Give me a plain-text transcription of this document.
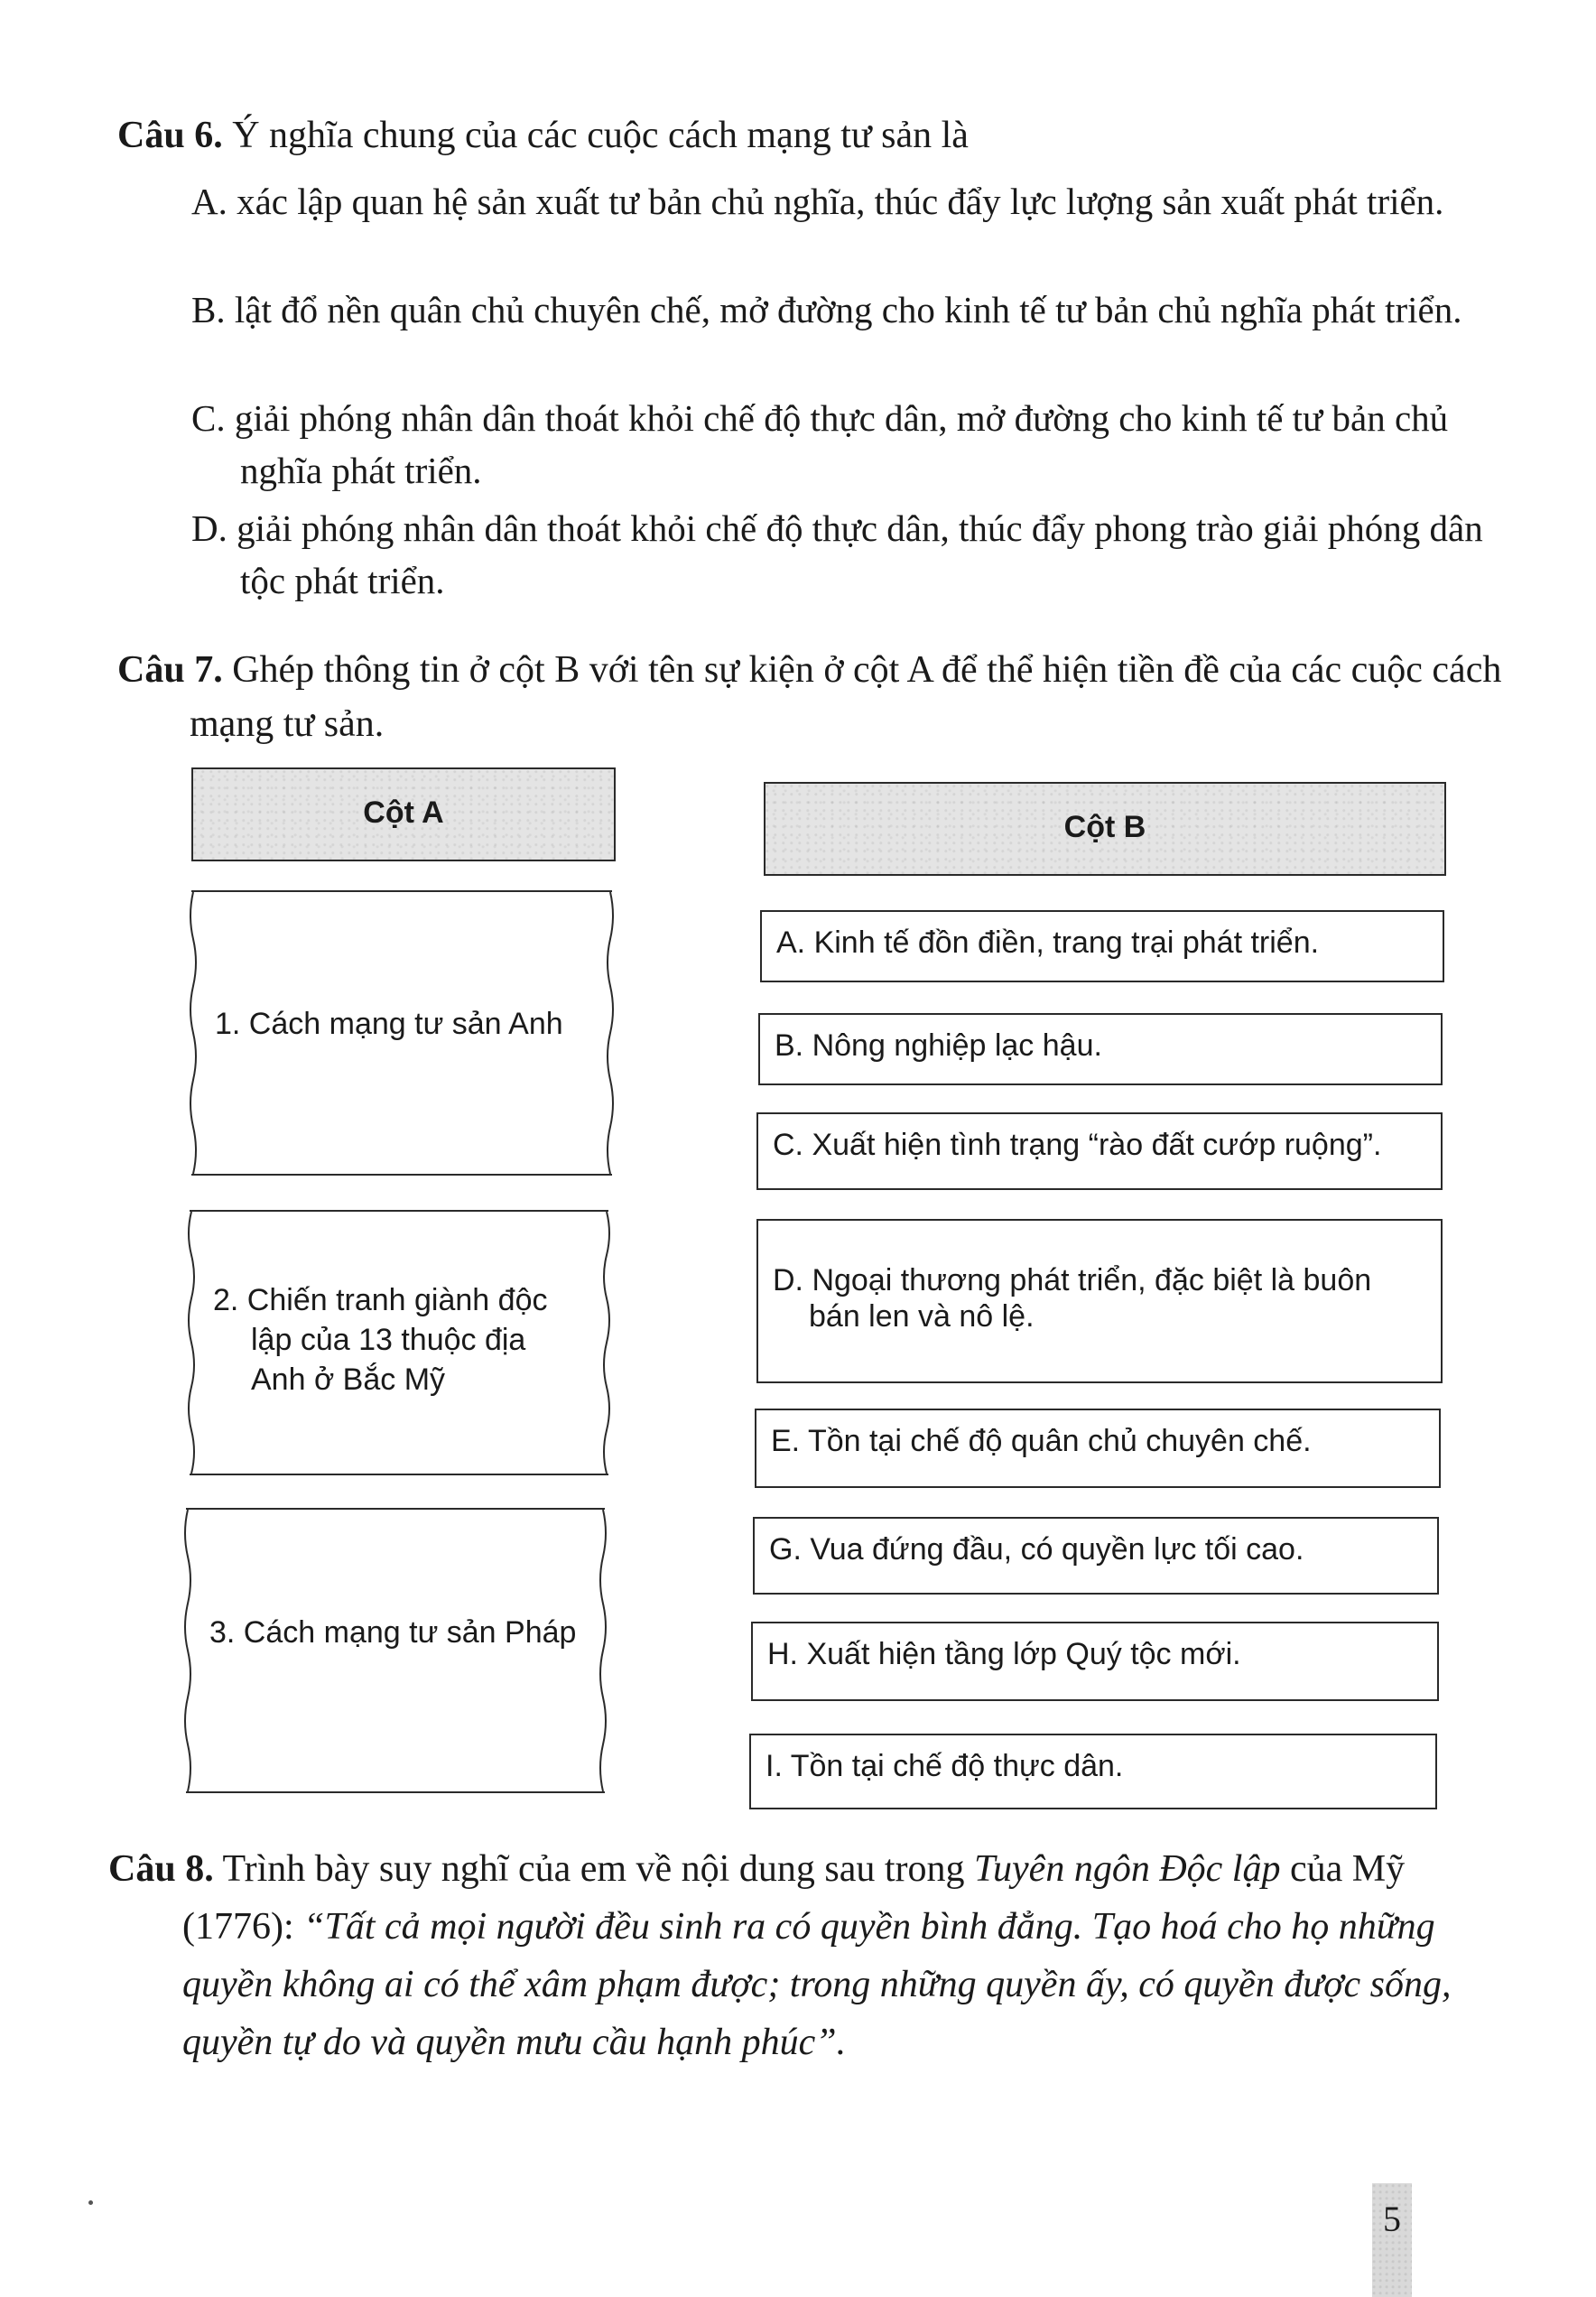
Câu 6. Ý nghĩa chung của các cuộc cách mạng tư sản là
A. xác lập quan hệ sản xuất tư bản chủ nghĩa, thúc đẩy lực lượng sản xuất phát triển.
B. lật đổ nền quân chủ chuyên chế, mở đường cho kinh tế tư bản chủ nghĩa phát triển.
C. giải phóng nhân dân thoát khỏi chế độ thực dân, mở đường cho kinh tế tư bản chủ nghĩa phát triển.
D. giải phóng nhân dân thoát khỏi chế độ thực dân, thúc đẩy phong trào giải phóng dân tộc phát triển.
Câu 7. Ghép thông tin ở cột B với tên sự kiện ở cột A để thể hiện tiền đề của các cuộc cách mạng tư sản.
Cột A	Cột B
1. Cách mạng tư sản Anh
2. Chiến tranh giành độc lập của 13 thuộc địa Anh ở Bắc Mỹ
3. Cách mạng tư sản Pháp
A. Kinh tế đồn điền, trang trại phát triển.
B. Nông nghiệp lạc hậu.
C. Xuất hiện tình trạng “rào đất cướp ruộng”.
D. Ngoại thương phát triển, đặc biệt là buôn bán len và nô lệ.
E. Tồn tại chế độ quân chủ chuyên chế.
G. Vua đứng đầu, có quyền lực tối cao.
H. Xuất hiện tầng lớp Quý tộc mới.
I. Tồn tại chế độ thực dân.
Câu 8. Trình bày suy nghĩ của em về nội dung sau trong Tuyên ngôn Độc lập của Mỹ (1776): “Tất cả mọi người đều sinh ra có quyền bình đẳng. Tạo hoá cho họ những quyền không ai có thể xâm phạm được; trong những quyền ấy, có quyền được sống, quyền tự do và quyền mưu cầu hạnh phúc”.
5
